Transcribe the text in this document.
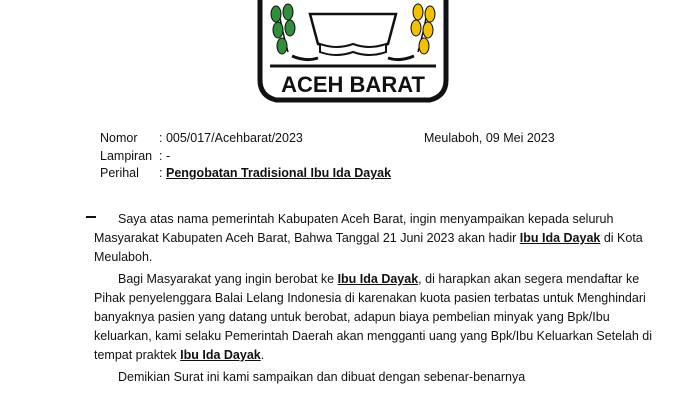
ACEH BARAT
Nomor : 005/017/Acehbarat/2023	Meulaboh, 09 Mei 2023
Lampiran : -
Perihal : Pengobatan Tradisional Ibu Ida Dayak
Saya atas nama pemerintah Kabupaten Aceh Barat, ingin menyampaikan kepada seluruh Masyarakat Kabupaten Aceh Barat, Bahwa Tanggal 21 Juni 2023 akan hadir Ibu Ida Dayak di Kota Meulaboh.
Bagi Masyarakat yang ingin berobat ke Ibu Ida Dayak, di harapkan akan segera mendaftar ke Pihak penyelenggara Balai Lelang Indonesia di karenakan kuota pasien terbatas untuk Menghindari banyaknya pasien yang datang untuk berobat, adapun biaya pembelian minyak yang Bpk/Ibu keluarkan, kami selaku Pemerintah Daerah akan mengganti uang yang Bpk/Ibu Keluarkan Setelah di tempat praktek Ibu Ida Dayak.
Demikian Surat ini kami sampaikan dan dibuat dengan sebenar-benarnya
